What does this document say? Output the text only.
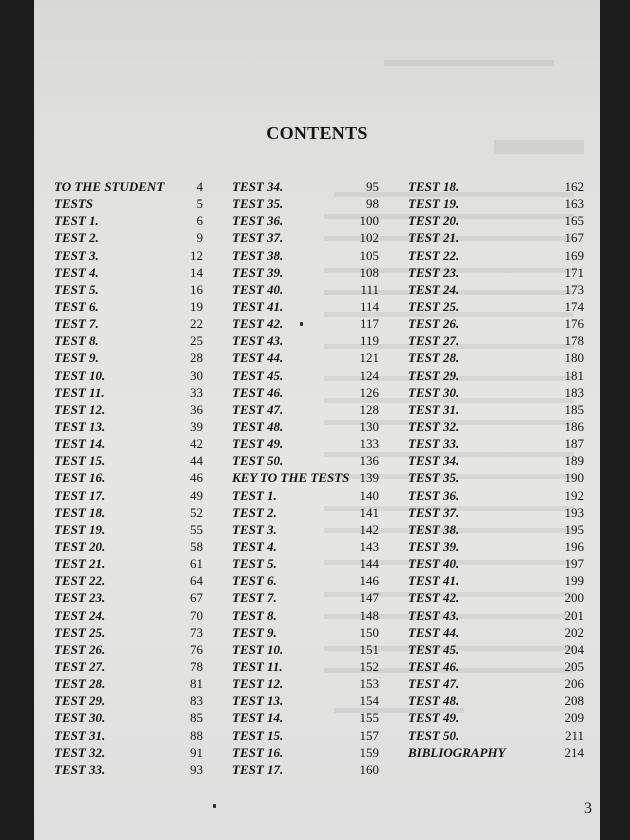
CONTENTS
TO THE STUDENT 4
TESTS	5
TEST 1.	6
TEST 2.	9
TEST 3.	12
TEST 4.	14
TEST 5.	16
TEST 6.	19
TEST 7.	22
TEST 8.	25
TEST 9.	28
TEST 10.	30
TEST 11.	33
TEST 12.	36
TEST 13.	39
TEST 14.	42
TEST 15.	44
TEST 16.	46
TEST 17.	49
TEST 18.	52
TEST 19.	55
TEST 20.	58
TEST 21.	61
TEST 22.	64
TEST 23.	67
TEST 24.	70
TEST 25.	73
TEST 26.	76
TEST 27.	78
TEST 28.	81
TEST 29.	83
TEST 30.	85
TEST 31.	88
TEST 32.	91
TEST 33.	93
TEST 34.	95
TEST 35.	98
TEST 36.	100
TEST 37.	102
TEST 38.	105
TEST 39.	108
TEST 40.	111
TEST 41.	114
TEST 42.	117
TEST 43.	119
TEST 44.	121
TEST 45.	124
TEST 46.	126
TEST 47.	128
TEST 48.	130
TEST 49.	133
TEST 50.	136
KEY TO THE TESTS 139
TEST 1.	140
TEST 2.	141
TEST 3.	142
TEST 4.	143
TEST 5.	144
TEST 6.	146
TEST 7.	147
TEST 8.	148
TEST 9.	150
TEST 10.	151
TEST 11.	152
TEST 12.	153
TEST 13.	154
TEST 14.	155
TEST 15.	157
TEST 16.	159
TEST 17.	160
TEST 18.	162
TEST 19.	163
TEST 20.	165
TEST 21.	167
TEST 22.	169
TEST 23.	171
TEST 24.	173
TEST 25.	174
TEST 26.	176
TEST 27.	178
TEST 28.	180
TEST 29.	181
TEST 30.	183
TEST 31.	185
TEST 32.	186
TEST 33.	187
TEST 34.	189
TEST 35.	190
TEST 36.	192
TEST 37.	193
TEST 38.	195
TEST 39.	196
TEST 40.	197
TEST 41.	199
TEST 42.	200
TEST 43.	201
TEST 44.	202
TEST 45.	204
TEST 46.	205
TEST 47.	206
TEST 48.	208
TEST 49.	209
TEST 50.	211
BIBLIOGRAPHY	214
3
